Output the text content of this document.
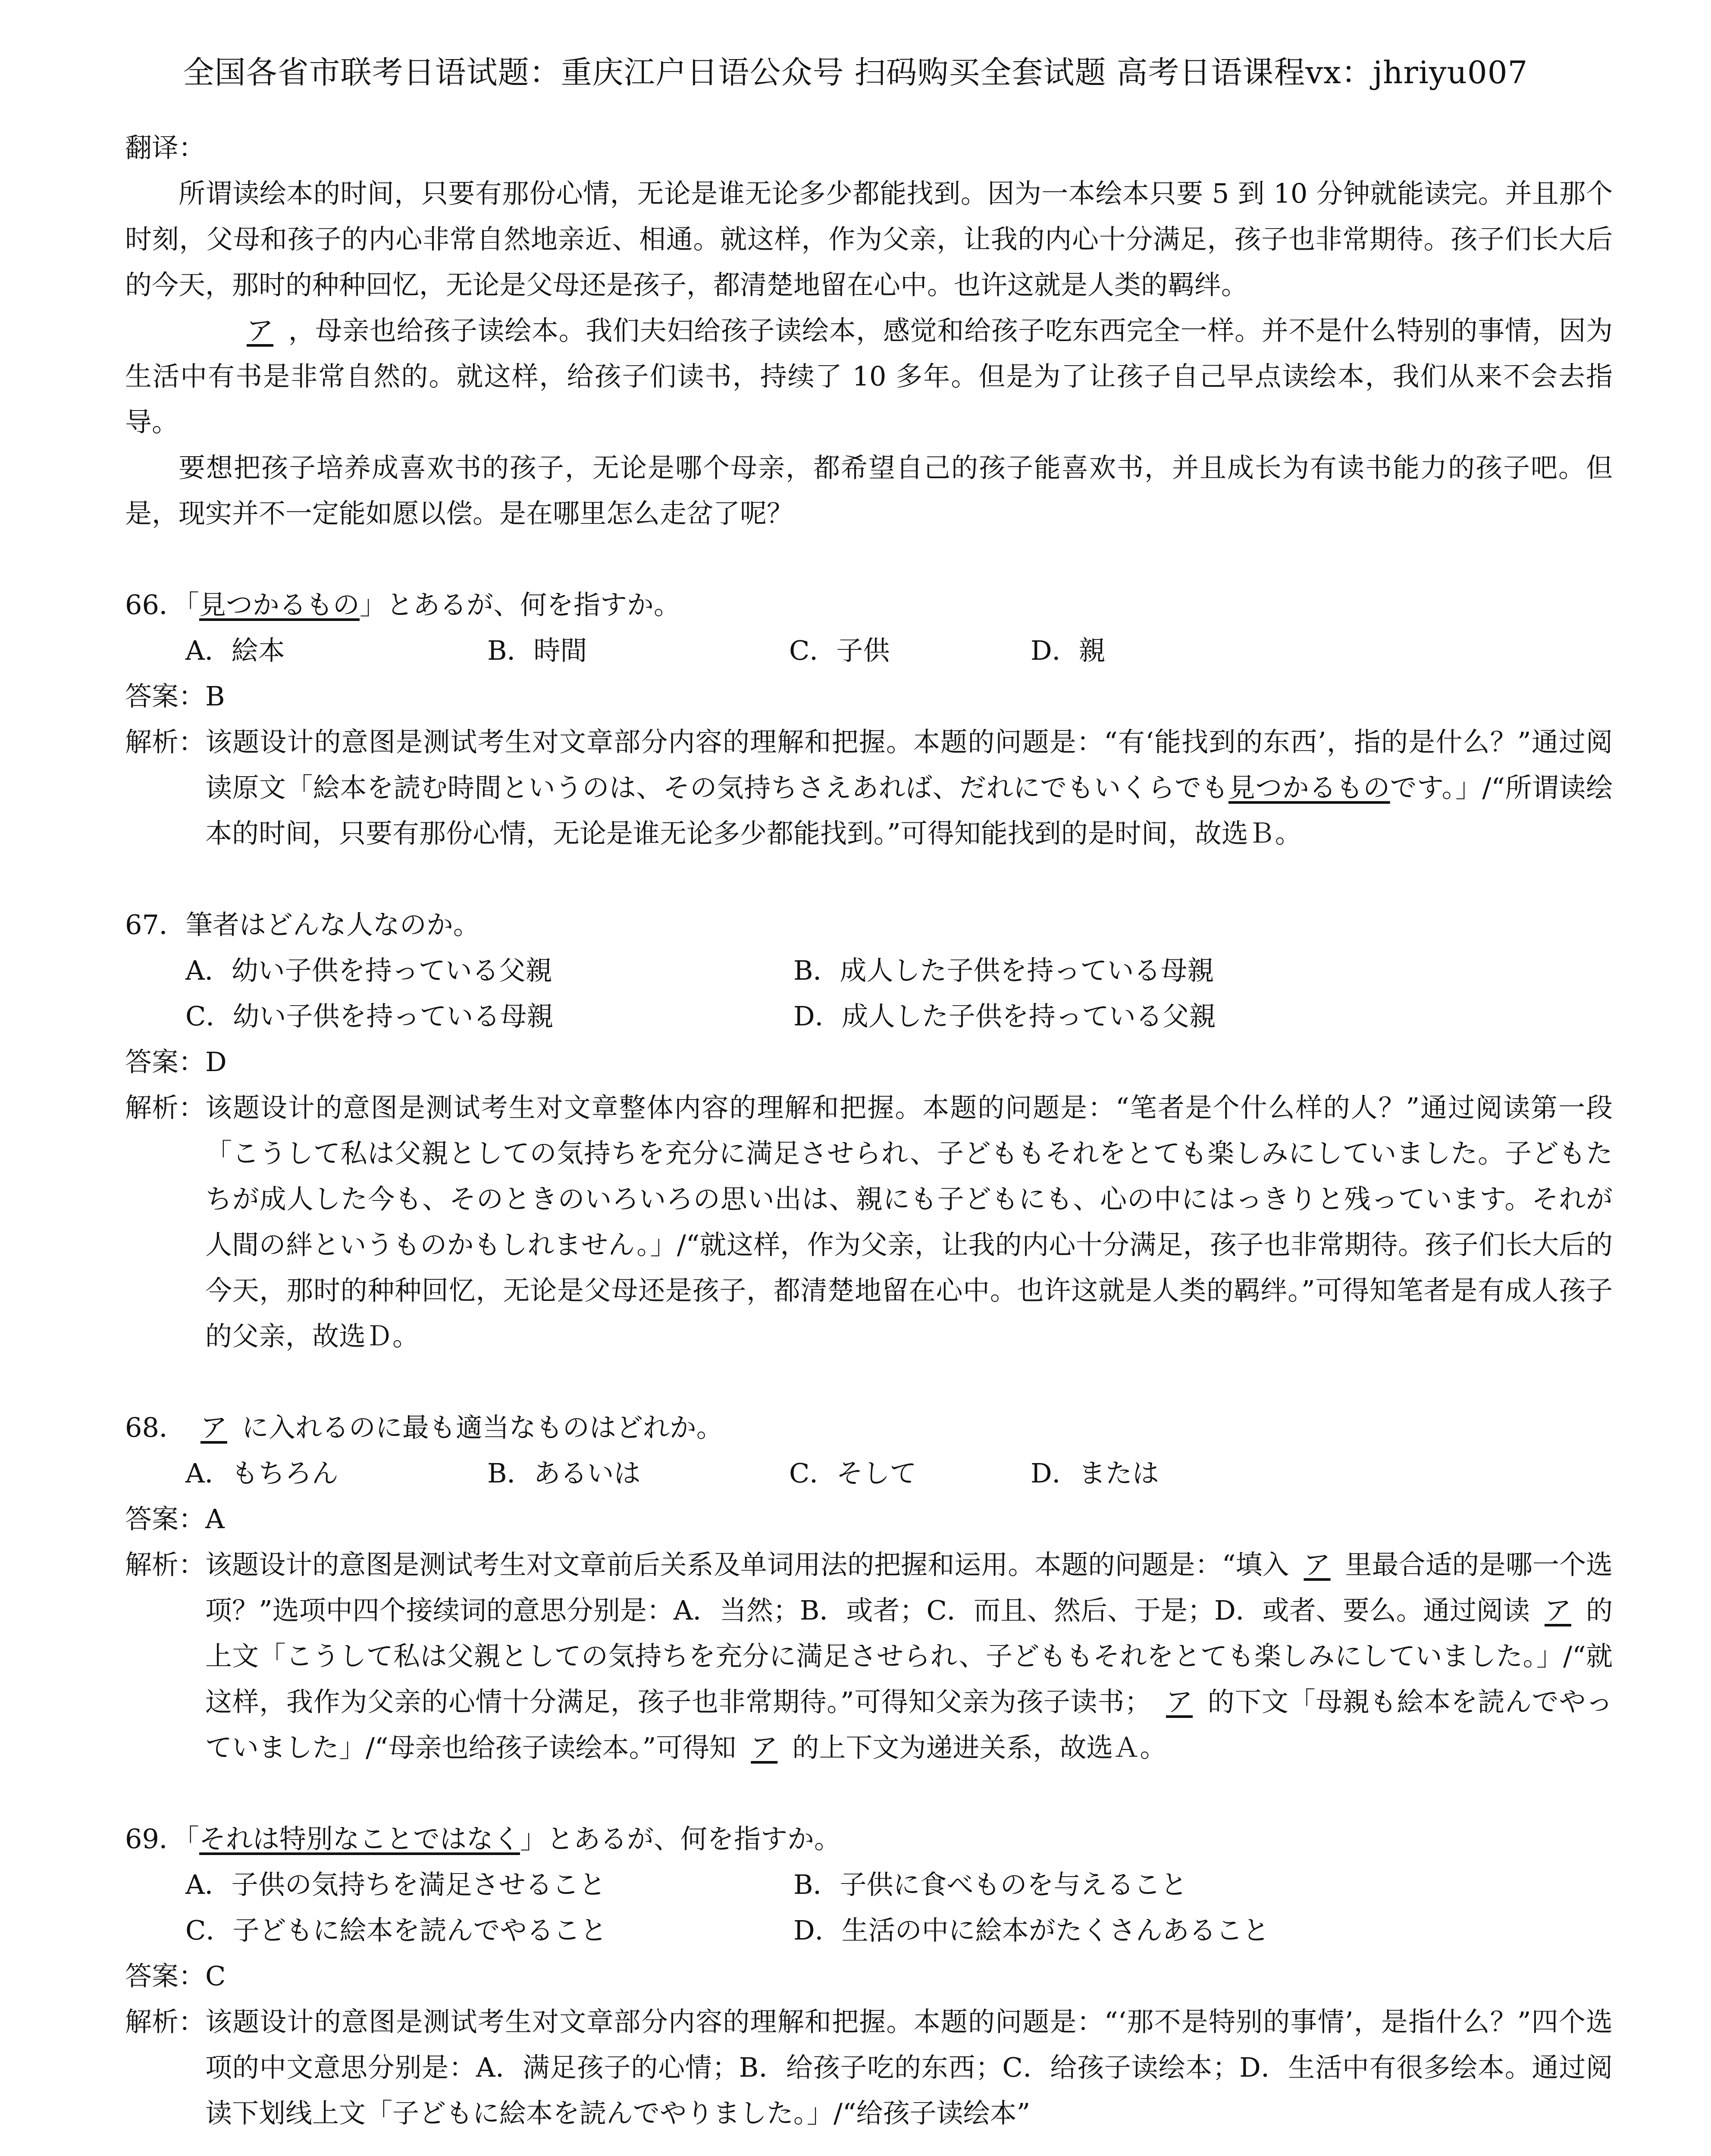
全国各省市联考日语试题：重庆江户日语公众号 扫码购买全套试题 高考日语课程vx：jhriyu007

翻译：

所谓读绘本的时间，只要有那份心情，无论是谁无论多少都能找到。因为一本绘本只要 5 到 10 分钟就能读完。并且那个时刻，父母和孩子的内心非常自然地亲近、相通。就这样，作为父亲，让我的内心十分满足，孩子也非常期待。孩子们长大后的今天，那时的种种回忆，无论是父母还是孩子，都清楚地留在心中。也许这就是人类的羁绊。

ア ，母亲也给孩子读绘本。我们夫妇给孩子读绘本，感觉和给孩子吃东西完全一样。并不是什么特别的事情，因为生活中有书是非常自然的。就这样，给孩子们读书，持续了 10 多年。但是为了让孩子自己早点读绘本，我们从来不会去指导。

要想把孩子培养成喜欢书的孩子，无论是哪个母亲，都希望自己的孩子能喜欢书，并且成长为有读书能力的孩子吧。但是，现实并不一定能如愿以偿。是在哪里怎么走岔了呢？

66．「見つかるもの」とあるが、何を指すか。

A．絵本	B．時間	C．子供	D．親

答案：B

解析： 该题设计的意图是测试考生对文章部分内容的理解和把握。本题的问题是：“有‘能找到的东西’，指的是什么？”通过阅读原文「絵本を読む時間というのは、その気持ちさえあれば、だれにでもいくらでも見つかるものです。」/“所谓读绘本的时间，只要有那份心情，无论是谁无论多少都能找到。”可得知能找到的是时间，故选Ｂ。

67．筆者はどんな人なのか。

A．幼い子供を持っている父親	B．成人した子供を持っている母親
C．幼い子供を持っている母親	D．成人した子供を持っている父親

答案：D

解析： 该题设计的意图是测试考生对文章整体内容的理解和把握。本题的问题是：“笔者是个什么样的人？”通过阅读第一段「こうして私は父親としての気持ちを充分に満足させられ、子どももそれをとても楽しみにしていました。子どもたちが成人した今も、そのときのいろいろの思い出は、親にも子どもにも、心の中にはっきりと残っています。それが人間の絆というものかもしれません。」/“就这样，作为父亲，让我的内心十分满足，孩子也非常期待。孩子们长大后的今天，那时的种种回忆，无论是父母还是孩子，都清楚地留在心中。也许这就是人类的羁绊。”可得知笔者是有成人孩子的父亲，故选Ｄ。

68． ア に入れるのに最も適当なものはどれか。

A．もちろん	B．あるいは	C．そして	D．または

答案：A

解析： 该题设计的意图是测试考生对文章前后关系及单词用法的把握和运用。本题的问题是：“填入 ア 里最合适的是哪一个选项？”选项中四个接续词的意思分别是：A．当然；B．或者；C．而且、然后、于是；D．或者、要么。通过阅读 ア 的上文「こうして私は父親としての気持ちを充分に満足させられ、子どももそれをとても楽しみにしていました。」/“就这样，我作为父亲的心情十分满足，孩子也非常期待。”可得知父亲为孩子读书； ア 的下文「母親も絵本を読んでやっていました」/“母亲也给孩子读绘本。”可得知 ア 的上下文为递进关系，故选Ａ。

69．「それは特別なことではなく」とあるが、何を指すか。

A．子供の気持ちを満足させること	B．子供に食べものを与えること
C．子どもに絵本を読んでやること	D．生活の中に絵本がたくさんあること

答案：C

解析： 该题设计的意图是测试考生对文章部分内容的理解和把握。本题的问题是：“‘那不是特别的事情’，是指什么？”四个选项的中文意思分别是：A．满足孩子的心情；B．给孩子吃的东西；C．给孩子读绘本；D．生活中有很多绘本。通过阅读下划线上文「子どもに絵本を読んでやりました。」/“给孩子读绘本”
